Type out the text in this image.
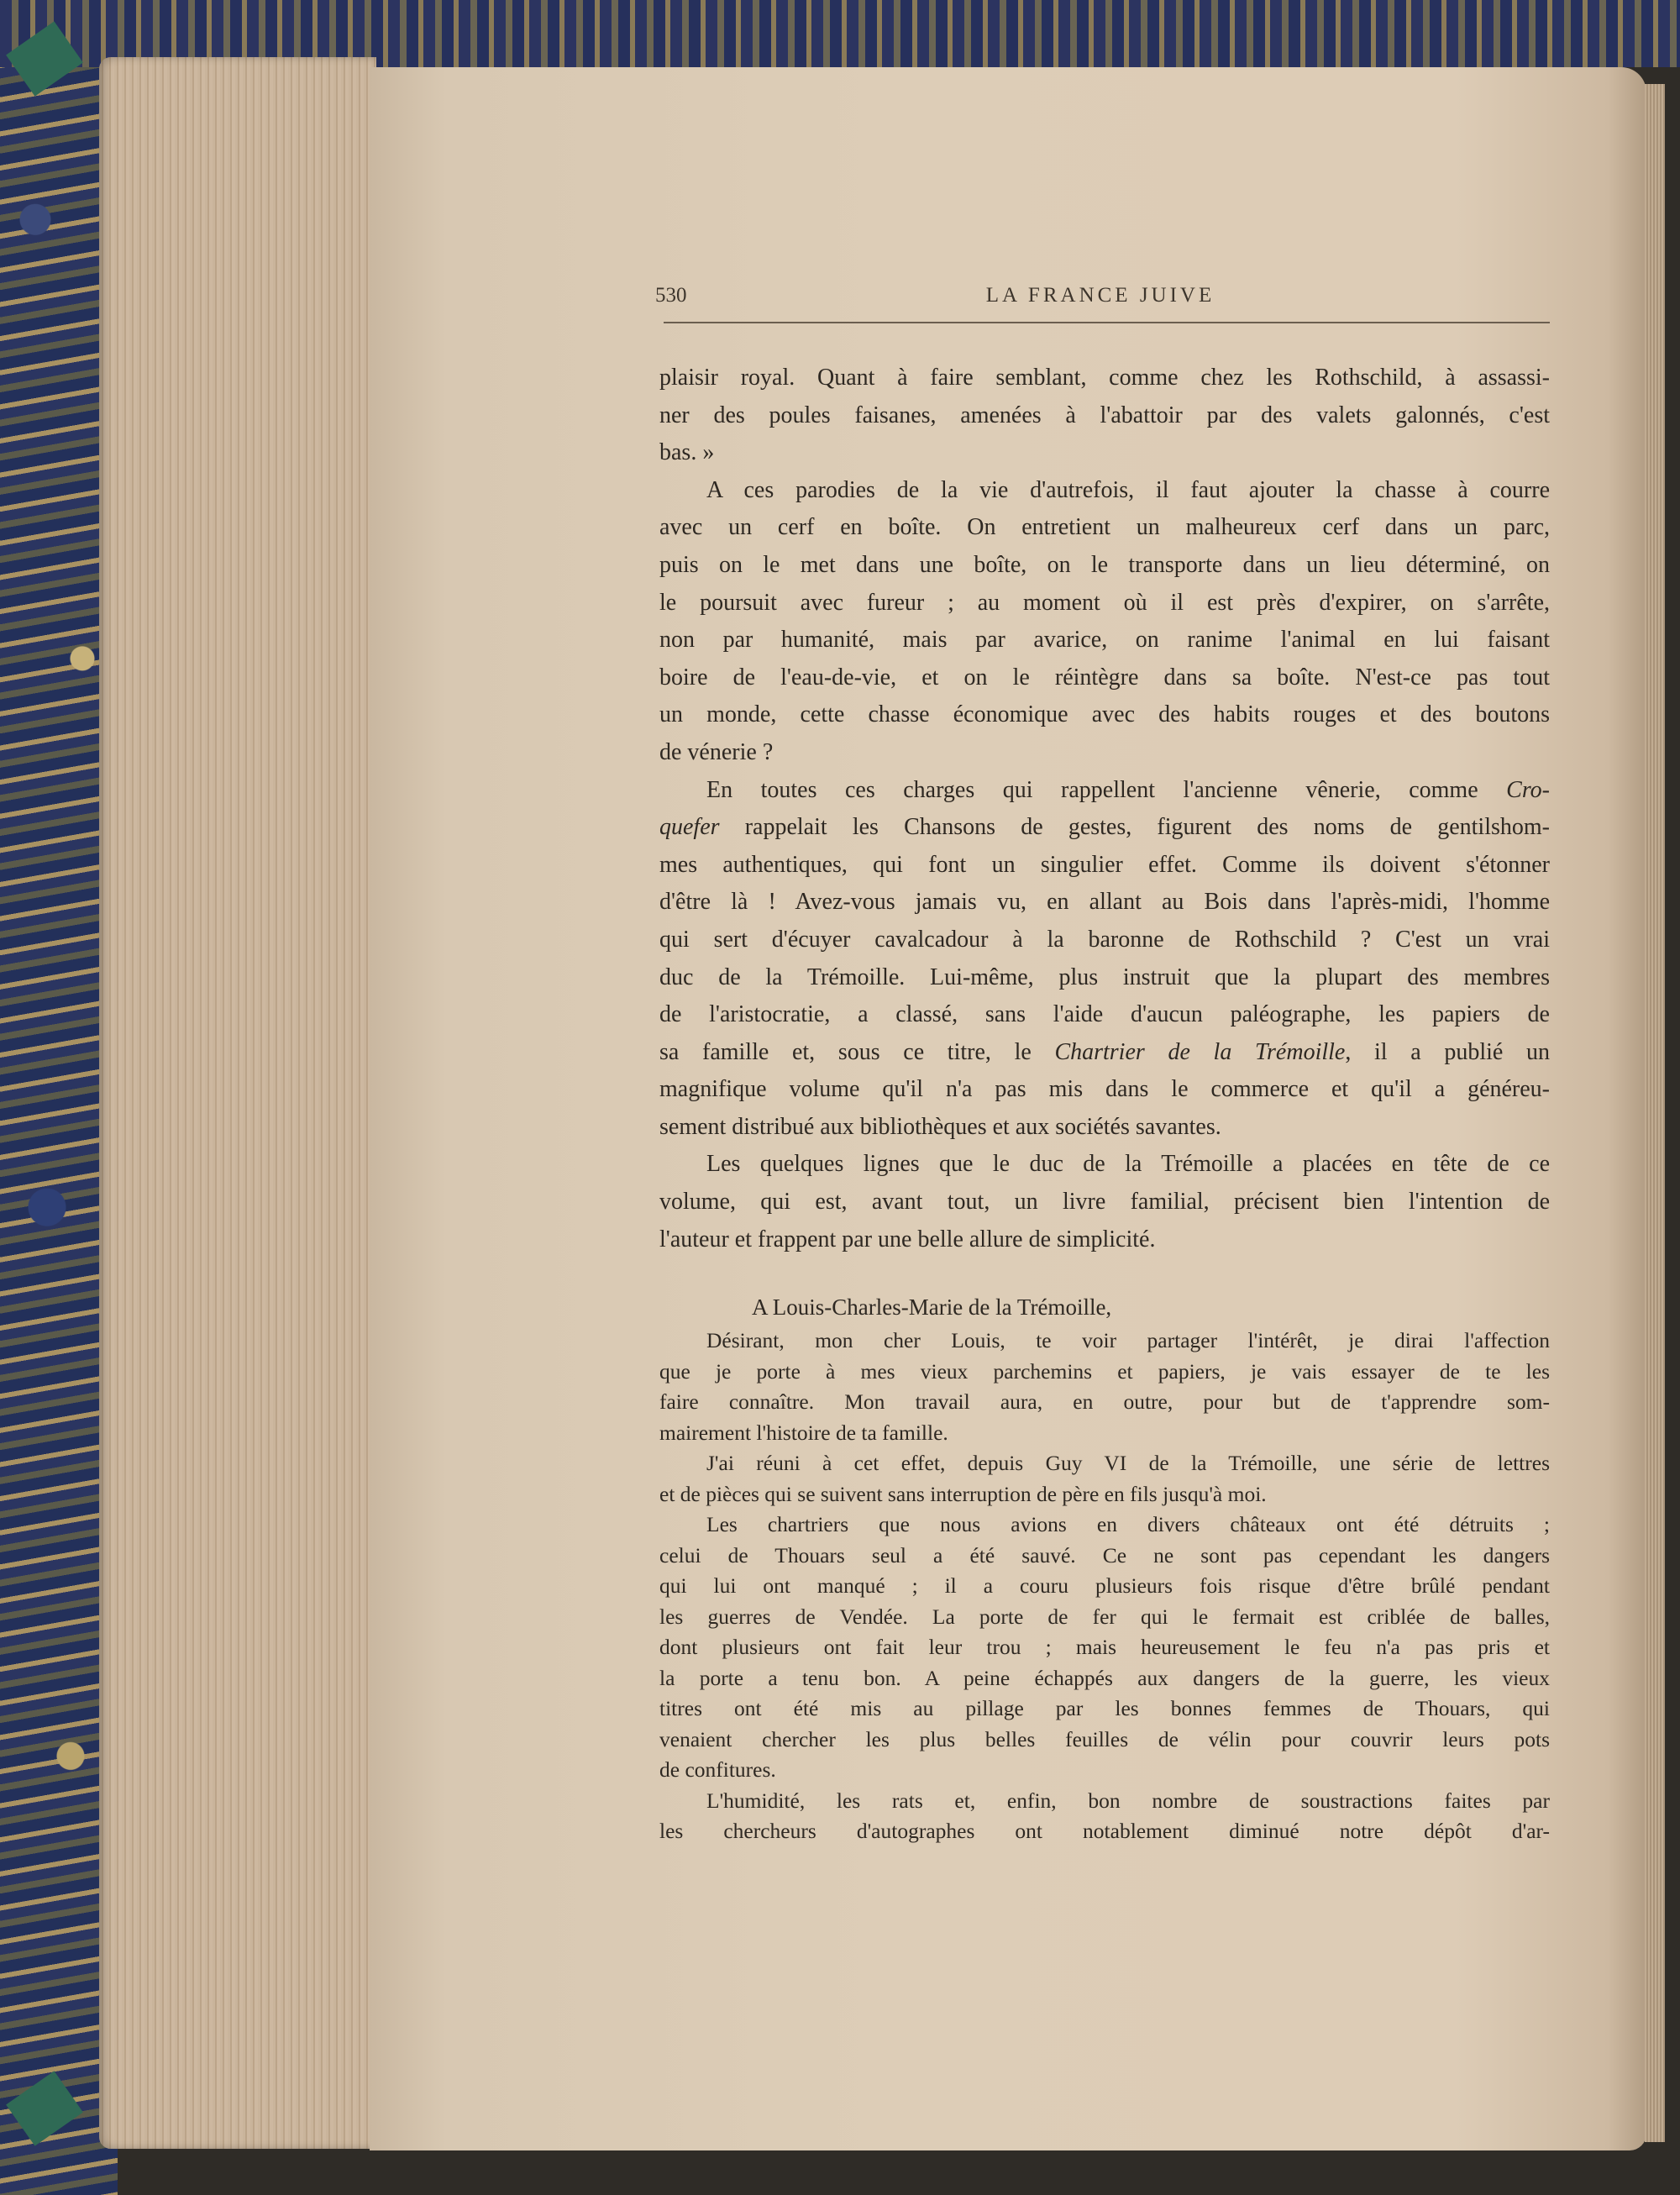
530	LA FRANCE JUIVE

plaisir royal. Quant à faire semblant, comme chez les Rothschild, à assassi-
ner des poules faisanes, amenées à l'abattoir par des valets galonnés, c'est
bas. »

A ces parodies de la vie d'autrefois, il faut ajouter la chasse à courre
avec un cerf en boîte. On entretient un malheureux cerf dans un parc,
puis on le met dans une boîte, on le transporte dans un lieu déterminé, on
le poursuit avec fureur ; au moment où il est près d'expirer, on s'arrête,
non par humanité, mais par avarice, on ranime l'animal en lui faisant
boire de l'eau-de-vie, et on le réintègre dans sa boîte. N'est-ce pas tout
un monde, cette chasse économique avec des habits rouges et des boutons
de vénerie ?

En toutes ces charges qui rappellent l'ancienne vênerie, comme Cro-
quefer rappelait les Chansons de gestes, figurent des noms de gentilshom-
mes authentiques, qui font un singulier effet. Comme ils doivent s'étonner
d'être là ! Avez-vous jamais vu, en allant au Bois dans l'après-midi, l'homme
qui sert d'écuyer cavalcadour à la baronne de Rothschild ? C'est un vrai
duc de la Trémoille. Lui-même, plus instruit que la plupart des membres
de l'aristocratie, a classé, sans l'aide d'aucun paléographe, les papiers de
sa famille et, sous ce titre, le Chartrier de la Trémoille, il a publié un
magnifique volume qu'il n'a pas mis dans le commerce et qu'il a généreu-
sement distribué aux bibliothèques et aux sociétés savantes.

Les quelques lignes que le duc de la Trémoille a placées en tête de ce
volume, qui est, avant tout, un livre familial, précisent bien l'intention de
l'auteur et frappent par une belle allure de simplicité.

A Louis-Charles-Marie de la Trémoille,

Désirant, mon cher Louis, te voir partager l'intérêt, je dirai l'affection
que je porte à mes vieux parchemins et papiers, je vais essayer de te les
faire connaître. Mon travail aura, en outre, pour but de t'apprendre som-
mairement l'histoire de ta famille.
J'ai réuni à cet effet, depuis Guy VI de la Trémoille, une série de lettres
et de pièces qui se suivent sans interruption de père en fils jusqu'à moi.
Les chartriers que nous avions en divers châteaux ont été détruits ;
celui de Thouars seul a été sauvé. Ce ne sont pas cependant les dangers
qui lui ont manqué ; il a couru plusieurs fois risque d'être brûlé pendant
les guerres de Vendée. La porte de fer qui le fermait est criblée de balles,
dont plusieurs ont fait leur trou ; mais heureusement le feu n'a pas pris et
la porte a tenu bon. A peine échappés aux dangers de la guerre, les vieux
titres ont été mis au pillage par les bonnes femmes de Thouars, qui
venaient chercher les plus belles feuilles de vélin pour couvrir leurs pots
de confitures.
L'humidité, les rats et, enfin, bon nombre de soustractions faites par
les chercheurs d'autographes ont notablement diminué notre dépôt d'ar-
